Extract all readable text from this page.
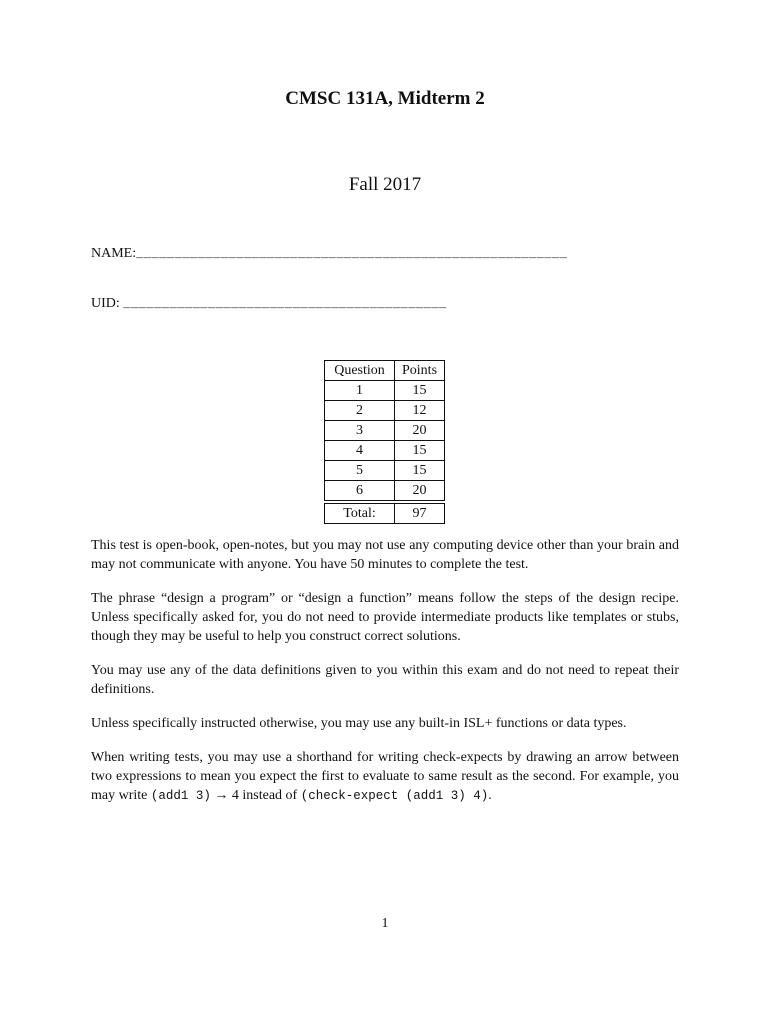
CMSC 131A, Midterm 2
Fall 2017
NAME:________________________________________________________
UID: __________________________________________
Question	Points
1	15
2	12
3	20
4	15
5	15
6	20

Total:	97

This test is open-book, open-notes, but you may not use any computing device other than your brain and may not communicate with anyone. You have 50 minutes to complete the test.

The phrase “design a program” or “design a function” means follow the steps of the design recipe. Unless specifically asked for, you do not need to provide intermediate products like templates or stubs, though they may be useful to help you construct correct solutions.

You may use any of the data definitions given to you within this exam and do not need to repeat their definitions.

Unless specifically instructed otherwise, you may use any built-in ISL+ functions or data types.

When writing tests, you may use a shorthand for writing check-expects by drawing an arrow between two expressions to mean you expect the first to evaluate to same result as the second. For example, you may write (add1 3) → 4 instead of (check-expect (add1 3) 4).

1
